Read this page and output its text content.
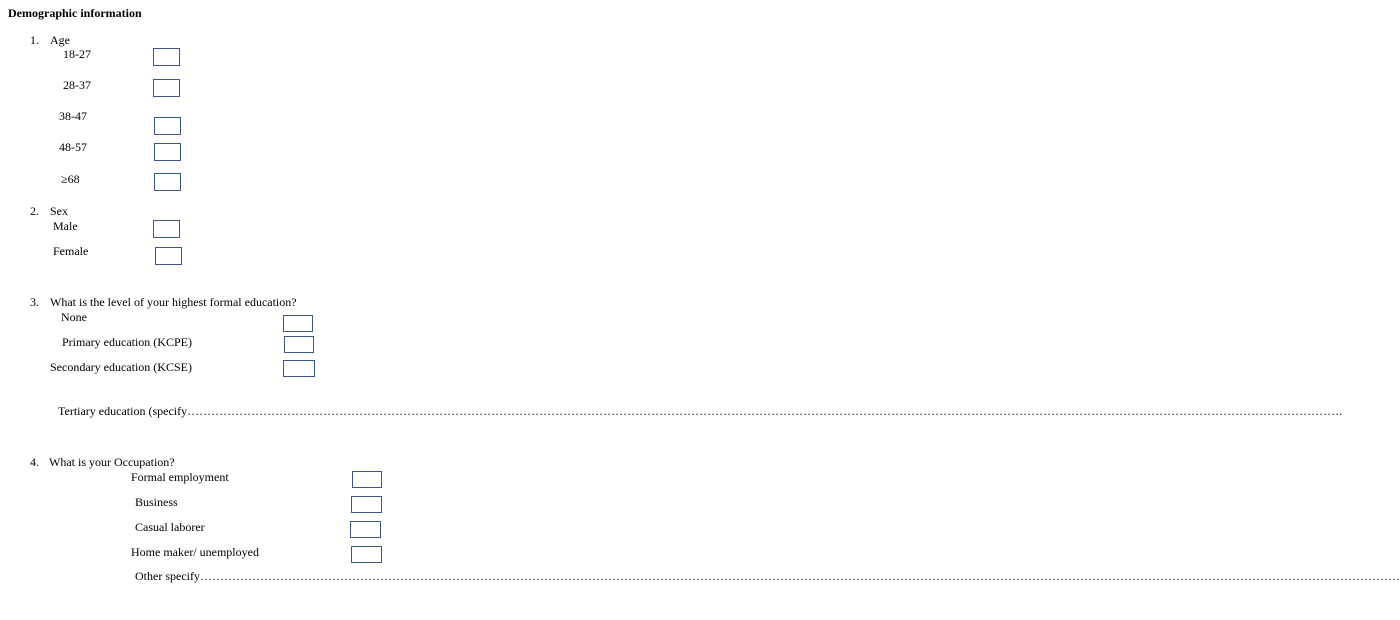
Demographic information
1. Age
18-27
28-37
38-47
48-57
≥68
2. Sex
Male
Female
3. What is the level of your highest formal education?
None
Primary education (KCPE)
Secondary education (KCSE)
Tertiary education (specify……………………………………………………………………………………………………………………………………………………………………………………………………………………………………………………………….
4. What is your Occupation?
Formal employment
Business
Casual laborer
Home maker/ unemployed
Other specify…………………………………………………………………………………………………………………………………………………………………………………………………………………………………………………………………………
